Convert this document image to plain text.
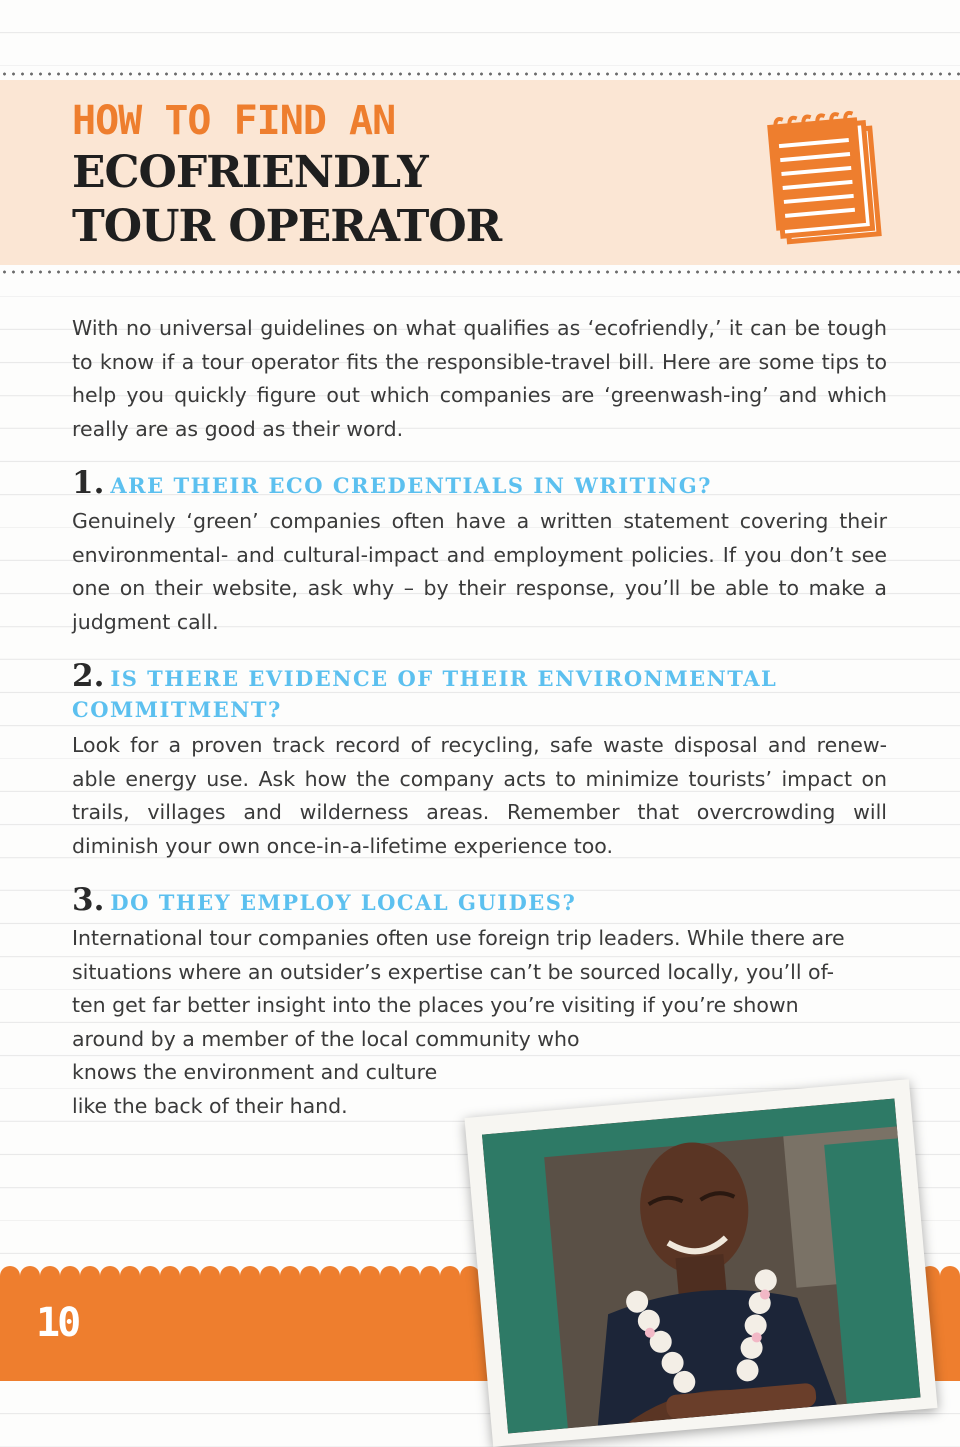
HOW TO FIND AN
ECOFRIENDLY
TOUR OPERATOR

With no universal guidelines on what qualifies as ‘ecofriendly,’ it can be tough to know if a tour operator fits the responsible-travel bill. Here are some tips to help you quickly figure out which companies are ‘greenwash-ing’ and which really are as good as their word.

1. ARE THEIR ECO CREDENTIALS IN WRITING?

Genuinely ‘green’ companies often have a written statement covering their environmental- and cultural-impact and employment policies. If you don’t see one on their website, ask why – by their response, you’ll be able to make a judgment call.

2. IS THERE EVIDENCE OF THEIR ENVIRONMENTAL COMMITMENT?

Look for a proven track record of recycling, safe waste disposal and renew-able energy use. Ask how the company acts to minimize tourists’ impact on trails, villages and wilderness areas. Remember that overcrowding will diminish your own once-in-a-lifetime experience too.

3. DO THEY EMPLOY LOCAL GUIDES?

International tour companies often use foreign trip leaders. While there are
situations where an outsider’s expertise can’t be sourced locally, you’ll of-
ten get far better insight into the places you’re visiting if you’re shown
around by a member of the local community who
knows the environment and culture
like the back of their hand.

10
